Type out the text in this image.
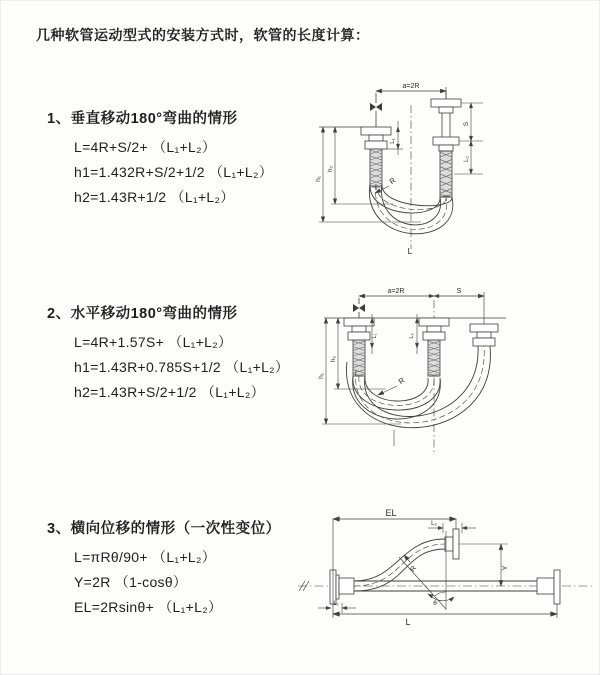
几种软管运动型式的安装方式时，软管的长度计算：
1、垂直移动180°弯曲的情形
L=4R+S/2+ （L₁+L₂）
h1=1.432R+S/2+1/2 （L₁+L₂）
h2=1.43R+1/2 （L₁+L₂）
2、水平移动180°弯曲的情形
L=4R+1.57S+ （L₁+L₂）
h1=1.43R+0.785S+1/2 （L₁+L₂）
h2=1.43R+S/2+1/2 （L₁+L₂）
3、横向位移的情形（一次性变位）
L=πRθ/90+ （L₁+L₂）
Y=2R （1-cosθ）
EL=2Rsinθ+ （L₁+L₂）
a=2R
L₁
S
L₂
h₁
h₂
R
L
a=2R	S
L₁	L₂
h₁
h₂
R
EL
L₂
Y
L
L₁
R
θ
